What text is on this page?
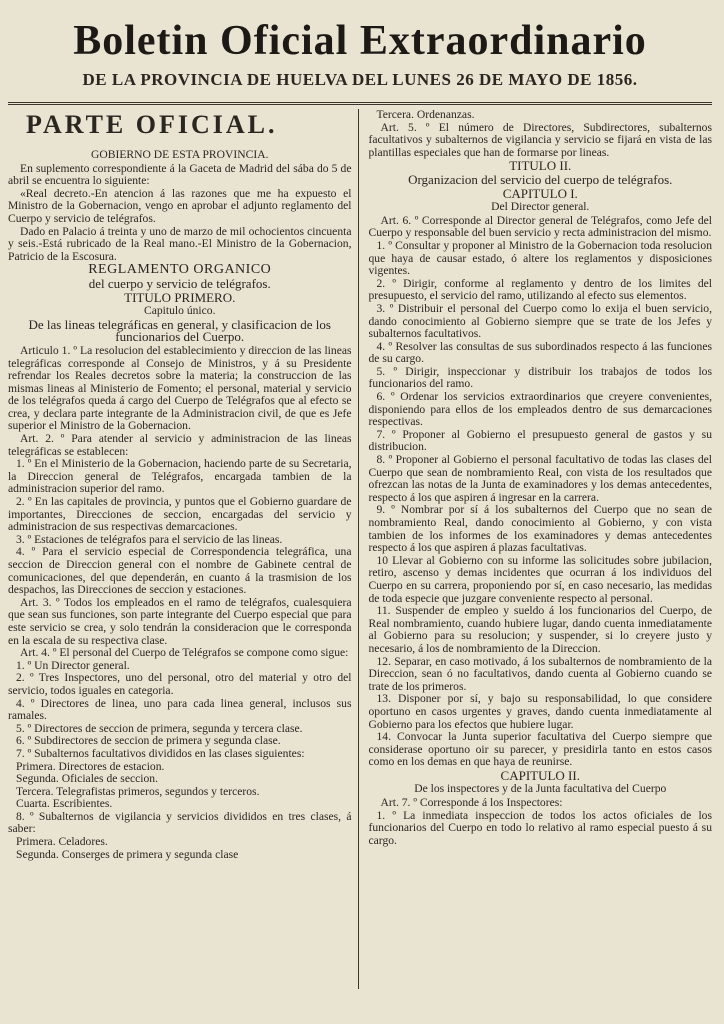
Boletin Oficial Extraordinario
DE LA PROVINCIA DE HUELVA DEL LUNES 26 DE MAYO DE 1856.
PARTE OFICIAL.

GOBIERNO DE ESTA PROVINCIA.

En suplemento correspondiente á la Gaceta de Madrid del sába do 5 de abril se encuentra lo siguiente:

«Real decreto.-En atencion á las razones que me ha expuesto el Ministro de la Gobernacion, vengo en aprobar el adjunto reglamento del Cuerpo y servicio de telégrafos.

Dado en Palacio á treinta y uno de marzo de mil ochocientos cincuenta y seis.-Está rubricado de la Real mano.-El Ministro de la Gobernacion, Patricio de la Escosura.

REGLAMENTO ORGANICO

del cuerpo y servicio de telégrafos.

TITULO PRIMERO.

Capitulo único.

De las lineas telegráficas en general, y clasificacion de los funcionarios del Cuerpo.

Articulo 1. º La resolucion del establecimiento y direccion de las lineas telegráficas corresponde al Consejo de Ministros, y á su Presidente refrendar los Reales decretos sobre la materia; la construccion de las mismas lineas al Ministerio de Fomento; el personal, material y servicio de los telégrafos queda á cargo del Cuerpo de Telégrafos que al efecto se crea, y declara parte integrante de la Administracion civil, de que es Jefe superior el Ministro de la Gobernacion.

Art. 2. º Para atender al servicio y administracion de las lineas telegráficas se establecen:

1. º En el Ministerio de la Gobernacion, haciendo parte de su Secretaria, la Direccion general de Telégrafos, encargada tambien de la administracion superior del ramo.

2. º En las capitales de provincia, y puntos que el Gobierno guardare de importantes, Direcciones de seccion, encargadas del servicio y administracion de sus respectivas demarcaciones.

3. º Estaciones de telégrafos para el servicio de las lineas.

4. º Para el servicio especial de Correspondencia telegráfica, una seccion de Direccion general con el nombre de Gabinete central de comunicaciones, del que dependerán, en cuanto á la trasmision de los despachos, las Direcciones de seccion y estaciones.

Art. 3. º Todos los empleados en el ramo de telégrafos, cualesquiera que sean sus funciones, son parte integrante del Cuerpo especial que para este servicio se crea, y solo tendrán la consideracion que le corresponda en la escala de su respectiva clase.

Art. 4. º El personal del Cuerpo de Telégrafos se compone como sigue:

1. º Un Director general.

2. º Tres Inspectores, uno del personal, otro del material y otro del servicio, todos iguales en categoria.

4. º Directores de linea, uno para cada linea general, inclusos sus ramales.

5. º Directores de seccion de primera, segunda y tercera clase.

6. º Subdirectores de seccion de primera y segunda clase.

7. º Subalternos facultativos divididos en las clases siguientes:

Primera. Directores de estacion.

Segunda. Oficiales de seccion.

Tercera. Telegrafistas primeros, segundos y terceros.

Cuarta. Escribientes.

8. º Subalternos de vigilancia y servicios divididos en tres clases, á saber:

Primera. Celadores.

Segunda. Conserges de primera y segunda clase

Tercera. Ordenanzas.

Art. 5. º El número de Directores, Subdirectores, subalternos facultativos y subalternos de vigilancia y servicio se fijará en vista de las plantillas especiales que han de formarse por lineas.

TITULO II.

Organizacion del servicio del cuerpo de telégrafos.

CAPITULO I.

Del Director general.

Art. 6. º Corresponde al Director general de Telégrafos, como Jefe del Cuerpo y responsable del buen servicio y recta administracion del mismo.

1. º Consultar y proponer al Ministro de la Gobernacion toda resolucion que haya de causar estado, ó altere los reglamentos y disposiciones vigentes.

2. º Dirigir, conforme al reglamento y dentro de los limites del presupuesto, el servicio del ramo, utilizando al efecto sus elementos.

3. º Distribuir el personal del Cuerpo como lo exija el buen servicio, dando conocimiento al Gobierno siempre que se trate de los Jefes y subalternos facultativos.

4. º Resolver las consultas de sus subordinados respecto á las funciones de su cargo.

5. º Dirigir, inspeccionar y distribuir los trabajos de todos los funcionarios del ramo.

6. º Ordenar los servicios extraordinarios que creyere convenientes, disponiendo para ellos de los empleados dentro de sus demarcaciones respectivas.

7. º Proponer al Gobierno el presupuesto general de gastos y su distribucion.

8. º Proponer al Gobierno el personal facultativo de todas las clases del Cuerpo que sean de nombramiento Real, con vista de los resultados que ofrezcan las notas de la Junta de examinadores y los demas antecedentes, respecto á los que aspiren á ingresar en la carrera.

9. º Nombrar por sí á los subalternos del Cuerpo que no sean de nombramiento Real, dando conocimiento al Gobierno, y con vista tambien de los informes de los examinadores y demas antecedentes respecto á los que aspiren á plazas facultativas.

10 Llevar al Gobierno con su informe las solicitudes sobre jubilacion, retiro, ascenso y demas incidentes que ocurran á los individuos del Cuerpo en su carrera, proponiendo por sí, en caso necesario, las medidas de toda especie que juzgare conveniente respecto al personal.

11. Suspender de empleo y sueldo á los funcionarios del Cuerpo, de Real nombramiento, cuando hubiere lugar, dando cuenta inmediatamente al Gobierno para su resolucion; y suspender, si lo creyere justo y necesario, á los de nombramiento de la Direccion.

12. Separar, en caso motivado, á los subalternos de nombramiento de la Direccion, sean ó no facultativos, dando cuenta al Gobierno cuando se trate de los primeros.

13. Disponer por sí, y bajo su responsabilidad, lo que considere oportuno en casos urgentes y graves, dando cuenta inmediatamente al Gobierno para los efectos que hubiere lugar.

14. Convocar la Junta superior facultativa del Cuerpo siempre que considerase oportuno oir su parecer, y presidirla tanto en estos casos como en los demas en que haya de reunirse.

CAPITULO II.

De los inspectores y de la Junta facultativa del Cuerpo

Art. 7. º Corresponde á los Inspectores:

1. º La inmediata inspeccion de todos los actos oficiales de los funcionarios del Cuerpo en todo lo relativo al ramo especial puesto á su cargo.
